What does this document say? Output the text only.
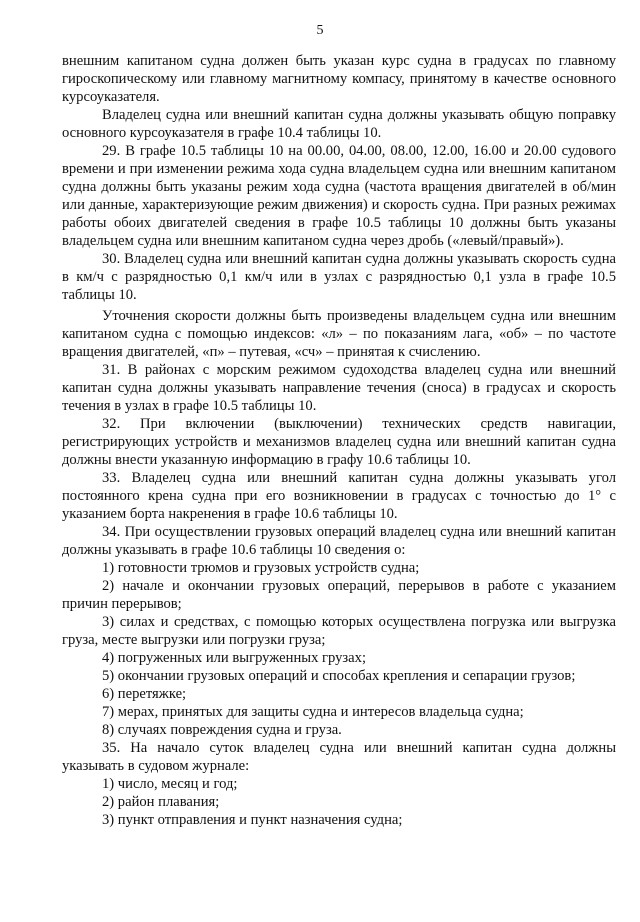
5

внешним капитаном судна должен быть указан курс судна в градусах по главному гироскопическому или главному магнитному компасу, принятому в качестве основного курсоуказателя.

Владелец судна или внешний капитан судна должны указывать общую поправку основного курсоуказателя в графе 10.4 таблицы 10.

29. В графе 10.5 таблицы 10 на 00.00, 04.00, 08.00, 12.00, 16.00 и 20.00 судового времени и при изменении режима хода судна владельцем судна или внешним капитаном судна должны быть указаны режим хода судна (частота вращения двигателей в об/мин или данные, характеризующие режим движения) и скорость судна. При разных режимах работы обоих двигателей сведения в графе 10.5 таблицы 10 должны быть указаны владельцем судна или внешним капитаном судна через дробь («левый/правый»).

30. Владелец судна или внешний капитан судна должны указывать скорость судна в км/ч с разрядностью 0,1 км/ч или в узлах с разрядностью 0,1 узла в графе 10.5 таблицы 10.

Уточнения скорости должны быть произведены владельцем судна или внешним капитаном судна с помощью индексов: «л» – по показаниям лага, «об» – по частоте вращения двигателей, «п» – путевая, «сч» – принятая к счислению.

31. В районах с морским режимом судоходства владелец судна или внешний капитан судна должны указывать направление течения (сноса) в градусах и скорость течения в узлах в графе 10.5 таблицы 10.

32. При включении (выключении) технических средств навигации, регистрирующих устройств и механизмов владелец судна или внешний капитан судна должны внести указанную информацию в графу 10.6 таблицы 10.

33. Владелец судна или внешний капитан судна должны указывать угол постоянного крена судна при его возникновении в градусах с точностью до 1° с указанием борта накренения в графе 10.6 таблицы 10.

34. При осуществлении грузовых операций владелец судна или внешний капитан должны указывать в графе 10.6 таблицы 10 сведения о:

1) готовности трюмов и грузовых устройств судна;

2) начале и окончании грузовых операций, перерывов в работе с указанием причин перерывов;

3) силах и средствах, с помощью которых осуществлена погрузка или выгрузка груза, месте выгрузки или погрузки груза;

4) погруженных или выгруженных грузах;

5) окончании грузовых операций и способах крепления и сепарации грузов;

6) перетяжке;

7) мерах, принятых для защиты судна и интересов владельца судна;

8) случаях повреждения судна и груза.

35. На начало суток владелец судна или внешний капитан судна должны указывать в судовом журнале:

1) число, месяц и год;

2) район плавания;

3) пункт отправления и пункт назначения судна;
